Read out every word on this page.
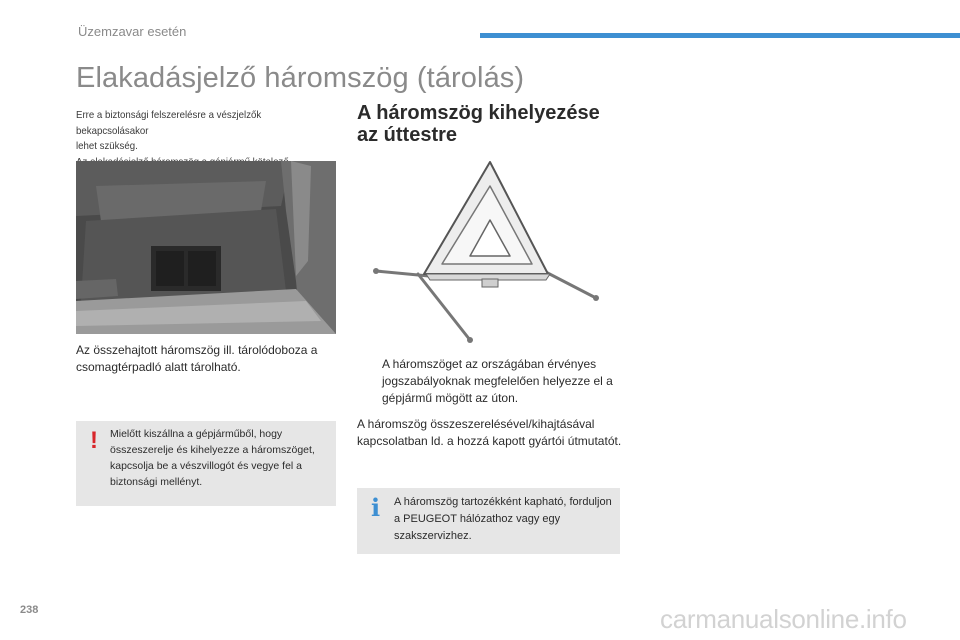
Üzemzavar esetén
Elakadásjelző háromszög (tárolás)
Erre a biztonsági felszerelésre a vészjelzők bekapcsolásakor
lehet szükség.
Az összehajtott háromszög ill. tárolódoboza a csomagtérpadló alatt tárolható.
! Mielőtt kiszállna a gépjárműből, hogy összeszerelje és kihelyezze a háromszöget, kapcsolja be a vészvillogót és vegye fel a biztonsági mellényt.
A háromszög kihelyezése az úttestre
A háromszöget az országában érvényes jogszabályoknak megfelelően helyezze el a gépjármű mögött az úton.
A háromszög összeszerelésével/kihajtásával kapcsolatban ld. a hozzá kapott gyártói útmutatót.
i A háromszög tartozékként kapható, forduljon a PEUGEOT hálózathoz vagy egy szakszervizhez.
238	carmanualsonline.info
